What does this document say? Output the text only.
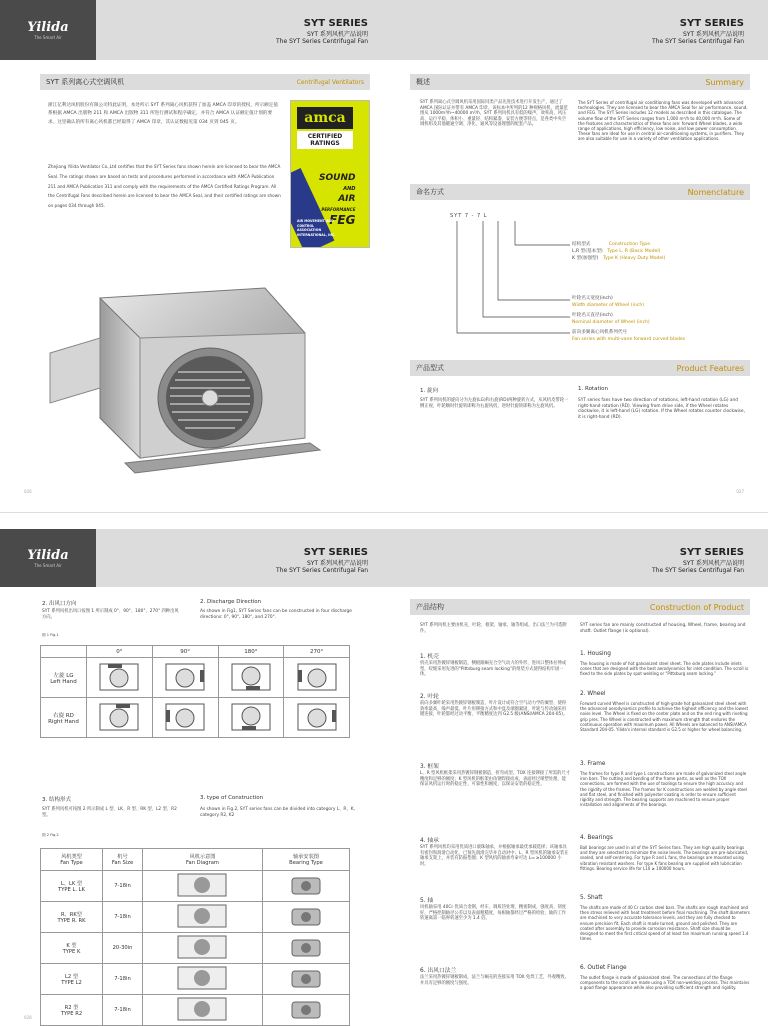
Yilida
The Smart Air
SYT SERIES
SYT 系列风机产品说明
The SYT Series Centrifugal Fan
SYT SERIES
SYT 系列风机产品说明
The SYT Series Centrifugal Fan
SYT 系列离心式空调风机	Centrifugal Ventilators
浙江亿利达风机股份有限公司特此证明，本处所示 SYT 系列离心风机获得了加盖 AMCA 印章的授权，所示额定值系根据 AMCA 出版物 211 和 AMCA 出版物 311 所进行测试和程序确定，并符合 AMCA 认证额定值计划的要求。这里确认的所有离心风机都已经取得了 AMCA 印章，其认证数据见第 034 页到 045 页。
Zhejiang Yilida Ventilator Co.,Ltd certifies that the SYT Series fans shown herein are licensed to bear the AMCA Seal. The ratings shown are based on tests and procedures performed in accordance with AMCA Publication 211 and AMCA Publication 311 and comply with the requirements of the AMCA Certified Ratings Program. All the Centrifugal Fans described herein are licensed to bear the AMCA Seal, and their certified ratings are shown on pages 034 through 045.
amca
CERTIFIED RATINGS
SOUND
AND
AIR
PERFORMANCE
FEG
AIR MOVEMENT AND CONTROL ASSOCIATION INTERNATIONAL, INC.
概述	Summary
SYT 系列离心式空调风机采用国际同类产品先进技术进行开发生产，通过了 AMCA 国际认证并带有 AMCA 印章，该标本中所列的12 种规格风机，流量范围从 1000m³/h~40000 m³/h，SYT 系列风机具有低的噪声，效率高、风压高、运行平稳、体积小、重量轻、结构紧凑、安装方便等特点，是各类中央空调机组及其他暖通空调、净化、通风等设备理想的配套产品。
The SYT Series of centrifugal air conditioning fans was developed with advanced technologies. They are licensed to bear the AMCA Seal for air performance, sound, and FEG. The SYT Series includes 12 models as described in this catalogue. The volume flow of the SYT Series ranges from 1,000 m³/h to 40,000 m³/h. Some of the features and characteristics of these fans are: forward Wheel blades, a wide range of applications, high efficiency, low noise, and low power consumption. These fans are ideal for use in central air-conditioning systems, in purifiers. They are also suitable for use in a variety of other ventilation applications.
命名方式	Nomenclature
SYT 7 - 7 L
结构型式　　　　	Construction Type
L,R 型(基本型)　 Type L, R (Basic Model)
K 型(加强型)　 Type K (Heavy Duty Model)
叶轮名义宽度(inch)
Width diameter of Wheel (inch)
叶轮名义直径(inch)
Nominal diameter of Wheel (inch)
前向多翼离心风机系列代号
Fan series with multi-vane forward curved blades
产品型式	Product Features
1. 旋向
SYT 系列风机的旋向分为左旋(LG)和右旋(RD)两种旋转方式，从风机皮带轮一侧正视，叶轮顺时针旋转即称为右旋风机，逆时针旋转即称为左旋风机。
1. Rotation
SYT series fans have two direction of rotations, left-hand rotation (LG) and right-hand rotation (RD). Viewing from drive side, if the Wheel rotates clockwise, it is left-hand (LG) rotation. If the Wheel rotates counter clockwise, it is right-hand (RD).
026	027
Yilida
The Smart Air
SYT SERIES
SYT 系列风机产品说明
The SYT Series Centrifugal Fan
SYT SERIES
SYT 系列风机产品说明
The SYT Series Centrifugal Fan
2. 出风口方向
SYT 系列风机出风口按图 1 所示制成 0°、90°、180°、270° 四种出风方向。
2. Discharge Direction
As shown in Fig1, SYT Series fans can be constructed in four discharge directions: 0°, 90°, 180°, and 270°.
图 1 Fig.1
	0°	90°	180°	270°
左旋 LG
Left Hand				
右旋 RD
Right Hand				
3. 结构形式
SYT 系列风机可按图 2 所示制成 L 型、LK、R 型、RK 型、L2 型、R2 型。
3. type of Construction
As shown in Fig.2, SYT series fans can be divided into category L、R、K, category R2, K2
图 2 Fig.2
风机类型
Fan Type	机号
Fan Size	风机示意图
Fan Diagram	轴承安装图
Bearing Type
L、LK 型
TYPE L. LK	7-18in		
R、RK型
TYPE R. RK	7-18in		
K 型
TYPE K	20-30in		
L2 型
TYPE L2	7-18in		
R2 型
TYPE R2	7-18in		
产品结构	Construction of Product
SYT 系列风机主要由机壳、叶轮、框架、轴承、轴等组成。出口法兰为可选附件。
SYT series fan are mainly constructed of housing, Wheel, frame, bearing and shaft. Outlet flange (is optional).
1. 机壳
机壳采用热镀锌钢板制造，侧板跟蜗壳合空气动力的外形，进风口整体拉伸成型，咬缝采用先进的“Pittsburg seam locking”的组装方式使得结构牢固一体。
1. Housing
The housing is made of hot galvanized steel sheet. The side plates include inlets cones that are designed with the best aerodynamics for inlet condition. The scroll is fixed to the side plates by spot welding or “Pittsburg seam locking.”
2. 叶轮
前向多翼叶轮采用热镀锌钢板制造，叶片设计成符合空气动力学的翼型，使得效率最高、噪声最低。叶片用铆接方式和中盘及端圈紧固，叶轮与传动轴采用键连接，叶轮都经过动平衡，平衡精度达到 G2.5 级(ANSI/AMCA 204-05)。
2. Wheel
Forward curved Wheel is constructed of high-grade hot galvanized steel sheet with the advanced aerodynamics profile to achieve the highest efficiency and the lowest noise level. The Wheel is fixed on the center plate and on the end ring with riveting grip pres. The Wheel is constructed with maximum strength that endures the continuous operation with maximum power. All Wheels are balanced to ANSI/AMCA Standard 204-05. Yilida's internal standard is G2.5 or higher for wheel balancing.
3. 框架
L、R 型风机框架采用热镀锌钢板制造，折弯成型。TOX 连接铆接了所需的尺寸精度和足够的刚度；K 型风机的框架由角钢焊接而成，表面经过喷塑处理，能保证风机运行时的稳定性、可靠性和刚度，以保证安装的稳定性。
3. Frame
The frames for type R and type L constructions are made of galvanized steel angle iron bars. The cutting and bending of the frame parts, as well as the TOX connections, are formed with the use of toolings to ensure the high accuracy and the rigidity of the frames. The frames for K constructions are welded by angle steel and flat steel, and finished with polyester coating in order to ensure sufficient rigidity and strength. The bearing supports are machined to ensure proper installation and alignments of the bearings.
4. 轴承
SYT 系列风机均采用优质进口滚珠轴承，并根据轴承最优承载选择；该轴承具有密封和润滑自动化，已预先润滑完毕并自动对中；L、R 型风机的轴承安装在轴承支架上，并装有防振垫圈；K 型风机的轴承寿命可达 L₁₀ ≥100000 小时。
4. Bearings
Ball bearings are used in all of the SYT Series fans. They are high quality bearings and they are selected to minimize the noise levels. The bearings are pre-lubricated, sealed, and self-centering. For type R and L fans, the bearings are mounted using vibration resistant washers. For type K fans bearing are supplied with lubrication fittings. Bearing service life for L10 ≥ 100000 hours.
5. 轴
风机轴采用 40Cr 优质合金钢，经车、调质热处理、精密制成，强度高、韧度好，严格控制轴径公差以及表面粗糙度，每根轴都经过严格的检验，轴的工作转速离第一临界转速至少为 1.4 倍。
5. Shaft
The shafts are made of 40 Cr carbon steel bars. The shafts are rough machined and then stress relieved with heat treatment before final machining. The shaft diameters are machined to very accurate tolerance levels, and they are fully checked to ensure precision fit. Each shaft is made turned, ground and polished. They are coated after assembly to provide corrosion resistance. Shaft size should be designed to meet the first critical speed of at least fan maximum running speed 1.4 times.
6. 出风口法兰
法兰采用热镀锌钢板制成，法兰与蜗壳的连接采用 TOX 免焊工艺，外观精致，并具有足够的刚度与强度。
6. Outlet Flange
The outlet flange is made of galvanized steel. The connections of the flange components to the scroll are made using a TOX non-welding process. This maintains a good flange appearance while also providing sufficient strength and rigidity.
028
